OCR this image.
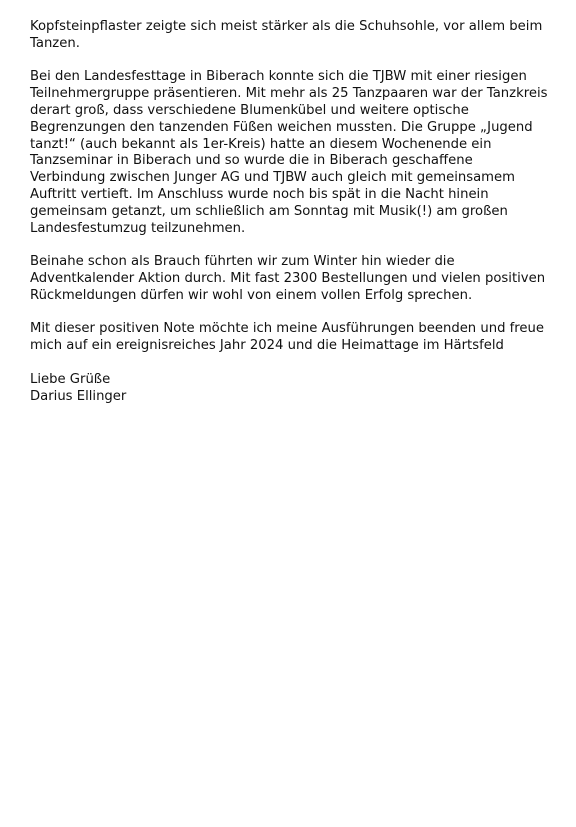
Kopfsteinpflaster zeigte sich meist stärker als die Schuhsohle, vor allem beim
Tanzen.

Bei den Landesfesttage in Biberach konnte sich die TJBW mit einer riesigen
Teilnehmergruppe präsentieren. Mit mehr als 25 Tanzpaaren war der Tanzkreis
derart groß, dass verschiedene Blumenkübel und weitere optische
Begrenzungen den tanzenden Füßen weichen mussten. Die Gruppe „Jugend
tanzt!“ (auch bekannt als 1er-Kreis) hatte an diesem Wochenende ein
Tanzseminar in Biberach und so wurde die in Biberach geschaffene
Verbindung zwischen Junger AG und TJBW auch gleich mit gemeinsamem
Auftritt vertieft. Im Anschluss wurde noch bis spät in die Nacht hinein
gemeinsam getanzt, um schließlich am Sonntag mit Musik(!) am großen
Landesfestumzug teilzunehmen.

Beinahe schon als Brauch führten wir zum Winter hin wieder die
Adventkalender Aktion durch. Mit fast 2300 Bestellungen und vielen positiven
Rückmeldungen dürfen wir wohl von einem vollen Erfolg sprechen.

Mit dieser positiven Note möchte ich meine Ausführungen beenden und freue
mich auf ein ereignisreiches Jahr 2024 und die Heimattage im Härtsfeld

Liebe Grüße
Darius Ellinger
